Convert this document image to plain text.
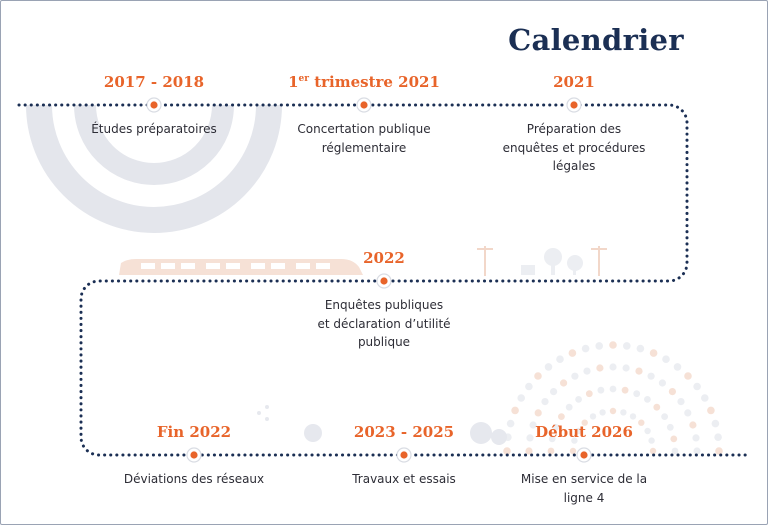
Calendrier
2017 - 2018
Études préparatoires
1er trimestre 2021
Concertation publique
réglementaire
2021
Préparation des
enquêtes et procédures
légales
2022
Enquêtes publiques
et déclaration d’utilité
publique
Fin 2022
Déviations des réseaux
2023 - 2025
Travaux et essais
Début 2026
Mise en service de la
ligne 4
